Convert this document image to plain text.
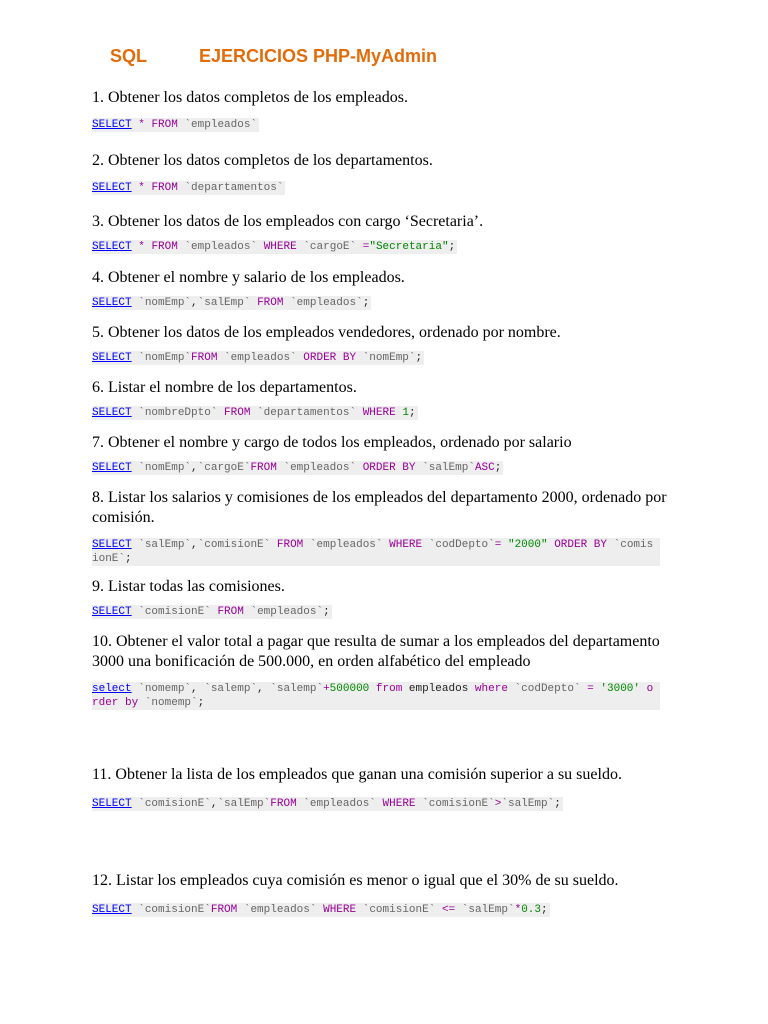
SQL	EJERCICIOS PHP-MyAdmin

1. Obtener los datos completos de los empleados.

SELECT * FROM `empleados`

2. Obtener los datos completos de los departamentos.

SELECT * FROM `departamentos`

3. Obtener los datos de los empleados con cargo ‘Secretaria’.

SELECT * FROM `empleados` WHERE `cargoE` ="Secretaria";

4. Obtener el nombre y salario de los empleados.

SELECT `nomEmp`,`salEmp` FROM `empleados`;

5. Obtener los datos de los empleados vendedores, ordenado por nombre.

SELECT `nomEmp`FROM `empleados` ORDER BY `nomEmp`;

6. Listar el nombre de los departamentos.

SELECT `nombreDpto` FROM `departamentos` WHERE 1;

7. Obtener el nombre y cargo de todos los empleados, ordenado por salario

SELECT `nomEmp`,`cargoE`FROM `empleados` ORDER BY `salEmp`ASC;

8. Listar los salarios y comisiones de los empleados del departamento 2000, ordenado por comisión.

SELECT `salEmp`,`comisionE` FROM `empleados` WHERE `codDepto`= "2000" ORDER BY `comisionE`;

9. Listar todas las comisiones.

SELECT `comisionE` FROM `empleados`;

10. Obtener el valor total a pagar que resulta de sumar a los empleados del departamento 3000 una bonificación de 500.000, en orden alfabético del empleado

select `nomemp`, `salemp`, `salemp`+500000 from empleados where `codDepto` = '3000' order by `nomemp`;

11. Obtener la lista de los empleados que ganan una comisión superior a su sueldo.

SELECT `comisionE`,`salEmp`FROM `empleados` WHERE `comisionE`>`salEmp`;

12. Listar los empleados cuya comisión es menor o igual que el 30% de su sueldo.

SELECT `comisionE`FROM `empleados` WHERE `comisionE` <= `salEmp`*0.3;
